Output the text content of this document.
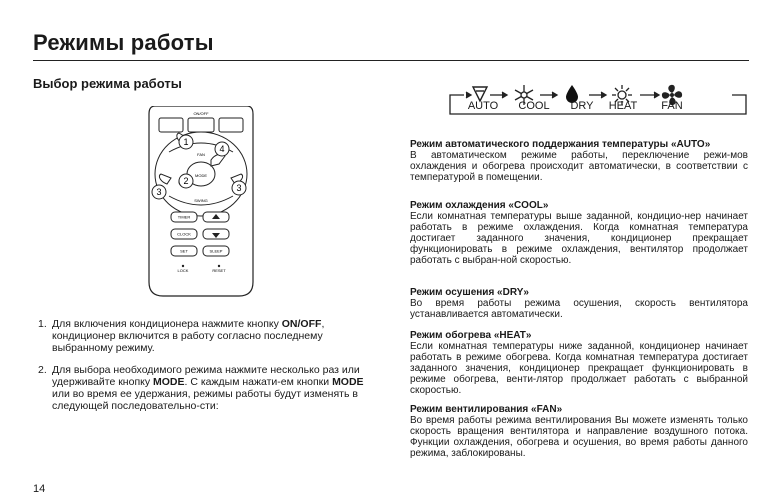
Режимы работы
Выбор режима работы
AUTO	COOL	DRY	HEAT	FAN
ON/OFF
FAN
MODE
SWING
1
2
3	3
4
TIMER
CLOCK
SET	SLEEP
LOCK	RESET
Режим автоматического поддержания температуры «AUTO»

В автоматическом режиме работы, переключение режи-мов охлаждения и обогрева происходит автоматически, в соответствии с температурой в помещении.

Режим охлаждения «COOL»

Если комнатная температуры выше заданной, кондицио-нер начинает работать в режиме охлаждения. Когда комнатная температура достигает заданного значения, кондиционер прекращает функционировать в режиме охлаждения, вентилятор продолжает работать с выбран-ной скоростью.

Режим осушения «DRY»

Во время работы режима осушения, скорость вентилятора устанавливается автоматически.

Режим обогрева «HEAT»

Если комнатная температуры ниже заданной, кондиционер начинает работать в режиме обогрева. Когда комнатная температура достигает заданного значения, кондиционер прекращает функционировать в режиме обогрева, венти-лятор продолжает работать с выбранной скоростью.

Режим вентилирования «FAN»

Во время работы режима вентилирования Вы можете изменять только скорость вращения вентилятора и направление воздушного потока. Функции охлаждения, обогрева и осушения, во время работы данного режима, заблокированы.

1. Для включения кондиционера нажмите кнопку ON/OFF, кондиционер включится в работу согласно последнему выбранному режиму.
2. Для выбора необходимого режима нажмите несколько раз или удерживайте кнопку MODE. С каждым нажати-ем кнопки MODE или во время ее удержания, режимы работы будут изменять в следующей последовательно-сти:
14
